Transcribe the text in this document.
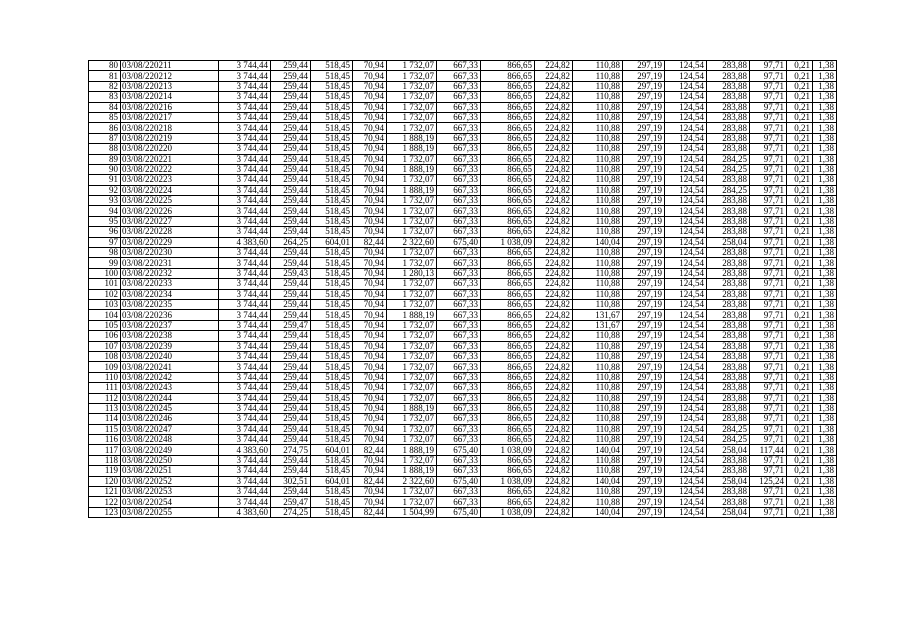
80	03/08/220211	3 744,44	259,44	518,45	70,94	1 732,07	667,33	866,65	224,82	110,88	297,19	124,54	283,88	97,71	0,21	1,38
81	03/08/220212	3 744,44	259,44	518,45	70,94	1 732,07	667,33	866,65	224,82	110,88	297,19	124,54	283,88	97,71	0,21	1,38
82	03/08/220213	3 744,44	259,44	518,45	70,94	1 732,07	667,33	866,65	224,82	110,88	297,19	124,54	283,88	97,71	0,21	1,38
83	03/08/220214	3 744,44	259,44	518,45	70,94	1 732,07	667,33	866,65	224,82	110,88	297,19	124,54	283,88	97,71	0,21	1,38
84	03/08/220216	3 744,44	259,44	518,45	70,94	1 732,07	667,33	866,65	224,82	110,88	297,19	124,54	283,88	97,71	0,21	1,38
85	03/08/220217	3 744,44	259,44	518,45	70,94	1 732,07	667,33	866,65	224,82	110,88	297,19	124,54	283,88	97,71	0,21	1,38
86	03/08/220218	3 744,44	259,44	518,45	70,94	1 732,07	667,33	866,65	224,82	110,88	297,19	124,54	283,88	97,71	0,21	1,38
87	03/08/220219	3 744,44	259,44	518,45	70,94	1 888,19	667,33	866,65	224,82	110,88	297,19	124,54	283,88	97,71	0,21	1,38
88	03/08/220220	3 744,44	259,44	518,45	70,94	1 888,19	667,33	866,65	224,82	110,88	297,19	124,54	283,88	97,71	0,21	1,38
89	03/08/220221	3 744,44	259,44	518,45	70,94	1 732,07	667,33	866,65	224,82	110,88	297,19	124,54	284,25	97,71	0,21	1,38
90	03/08/220222	3 744,44	259,44	518,45	70,94	1 888,19	667,33	866,65	224,82	110,88	297,19	124,54	284,25	97,71	0,21	1,38
91	03/08/220223	3 744,44	259,44	518,45	70,94	1 732,07	667,33	866,65	224,82	110,88	297,19	124,54	283,88	97,71	0,21	1,38
92	03/08/220224	3 744,44	259,44	518,45	70,94	1 888,19	667,33	866,65	224,82	110,88	297,19	124,54	284,25	97,71	0,21	1,38
93	03/08/220225	3 744,44	259,44	518,45	70,94	1 732,07	667,33	866,65	224,82	110,88	297,19	124,54	283,88	97,71	0,21	1,38
94	03/08/220226	3 744,44	259,44	518,45	70,94	1 732,07	667,33	866,65	224,82	110,88	297,19	124,54	283,88	97,71	0,21	1,38
95	03/08/220227	3 744,44	259,44	518,45	70,94	1 732,07	667,33	866,65	224,82	110,88	297,19	124,54	283,88	97,71	0,21	1,38
96	03/08/220228	3 744,44	259,44	518,45	70,94	1 732,07	667,33	866,65	224,82	110,88	297,19	124,54	283,88	97,71	0,21	1,38
97	03/08/220229	4 383,60	264,25	604,01	82,44	2 322,60	675,40	1 038,09	224,82	140,04	297,19	124,54	258,04	97,71	0,21	1,38
98	03/08/220230	3 744,44	259,44	518,45	70,94	1 732,07	667,33	866,65	224,82	110,88	297,19	124,54	283,88	97,71	0,21	1,38
99	03/08/220231	3 744,44	259,44	518,45	70,94	1 732,07	667,33	866,65	224,82	110,88	297,19	124,54	283,88	97,71	0,21	1,38
100	03/08/220232	3 744,44	259,43	518,45	70,94	1 280,13	667,33	866,65	224,82	110,88	297,19	124,54	283,88	97,71	0,21	1,38
101	03/08/220233	3 744,44	259,44	518,45	70,94	1 732,07	667,33	866,65	224,82	110,88	297,19	124,54	283,88	97,71	0,21	1,38
102	03/08/220234	3 744,44	259,44	518,45	70,94	1 732,07	667,33	866,65	224,82	110,88	297,19	124,54	283,88	97,71	0,21	1,38
103	03/08/220235	3 744,44	259,44	518,45	70,94	1 732,07	667,33	866,65	224,82	110,88	297,19	124,54	283,88	97,71	0,21	1,38
104	03/08/220236	3 744,44	259,44	518,45	70,94	1 888,19	667,33	866,65	224,82	131,67	297,19	124,54	283,88	97,71	0,21	1,38
105	03/08/220237	3 744,44	259,47	518,45	70,94	1 732,07	667,33	866,65	224,82	131,67	297,19	124,54	283,88	97,71	0,21	1,38
106	03/08/220238	3 744,44	259,44	518,45	70,94	1 732,07	667,33	866,65	224,82	110,88	297,19	124,54	283,88	97,71	0,21	1,38
107	03/08/220239	3 744,44	259,44	518,45	70,94	1 732,07	667,33	866,65	224,82	110,88	297,19	124,54	283,88	97,71	0,21	1,38
108	03/08/220240	3 744,44	259,44	518,45	70,94	1 732,07	667,33	866,65	224,82	110,88	297,19	124,54	283,88	97,71	0,21	1,38
109	03/08/220241	3 744,44	259,44	518,45	70,94	1 732,07	667,33	866,65	224,82	110,88	297,19	124,54	283,88	97,71	0,21	1,38
110	03/08/220242	3 744,44	259,44	518,45	70,94	1 732,07	667,33	866,65	224,82	110,88	297,19	124,54	283,88	97,71	0,21	1,38
111	03/08/220243	3 744,44	259,44	518,45	70,94	1 732,07	667,33	866,65	224,82	110,88	297,19	124,54	283,88	97,71	0,21	1,38
112	03/08/220244	3 744,44	259,44	518,45	70,94	1 732,07	667,33	866,65	224,82	110,88	297,19	124,54	283,88	97,71	0,21	1,38
113	03/08/220245	3 744,44	259,44	518,45	70,94	1 888,19	667,33	866,65	224,82	110,88	297,19	124,54	283,88	97,71	0,21	1,38
114	03/08/220246	3 744,44	259,44	518,45	70,94	1 732,07	667,33	866,65	224,82	110,88	297,19	124,54	283,88	97,71	0,21	1,38
115	03/08/220247	3 744,44	259,44	518,45	70,94	1 732,07	667,33	866,65	224,82	110,88	297,19	124,54	284,25	97,71	0,21	1,38
116	03/08/220248	3 744,44	259,44	518,45	70,94	1 732,07	667,33	866,65	224,82	110,88	297,19	124,54	284,25	97,71	0,21	1,38
117	03/08/220249	4 383,60	274,75	604,01	82,44	1 888,19	675,40	1 038,09	224,82	140,04	297,19	124,54	258,04	117,44	0,21	1,38
118	03/08/220250	3 744,44	259,44	518,45	70,94	1 732,07	667,33	866,65	224,82	110,88	297,19	124,54	283,88	97,71	0,21	1,38
119	03/08/220251	3 744,44	259,44	518,45	70,94	1 888,19	667,33	866,65	224,82	110,88	297,19	124,54	283,88	97,71	0,21	1,38
120	03/08/220252	3 744,44	302,51	604,01	82,44	2 322,60	675,40	1 038,09	224,82	140,04	297,19	124,54	258,04	125,24	0,21	1,38
121	03/08/220253	3 744,44	259,44	518,45	70,94	1 732,07	667,33	866,65	224,82	110,88	297,19	124,54	283,88	97,71	0,21	1,38
122	03/08/220254	3 744,44	259,47	518,45	70,94	1 732,07	667,33	866,65	224,82	110,88	297,19	124,54	283,88	97,71	0,21	1,38
123	03/08/220255	4 383,60	274,25	518,45	82,44	1 504,99	675,40	1 038,09	224,82	140,04	297,19	124,54	258,04	97,71	0,21	1,38
